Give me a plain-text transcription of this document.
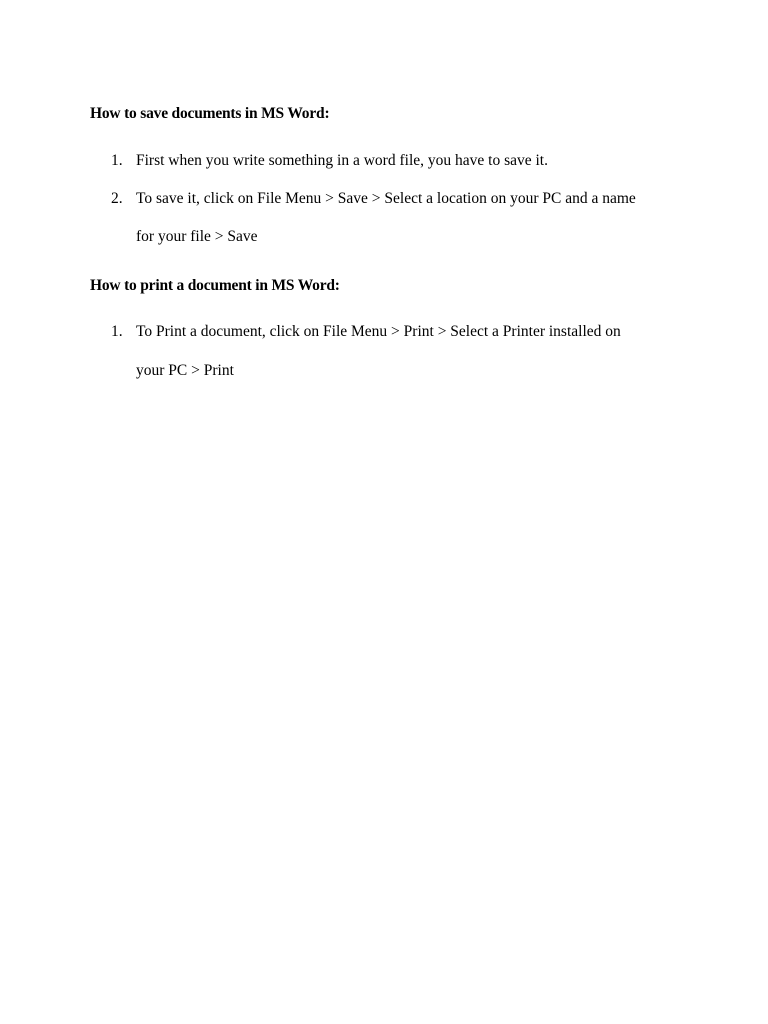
How to save documents in MS Word:
1. First when you write something in a word file, you have to save it.
2. To save it, click on File Menu > Save > Select a location on your PC and a name
for your file > Save
How to print a document in MS Word:
1. To Print a document, click on File Menu > Print > Select a Printer installed on
your PC > Print
